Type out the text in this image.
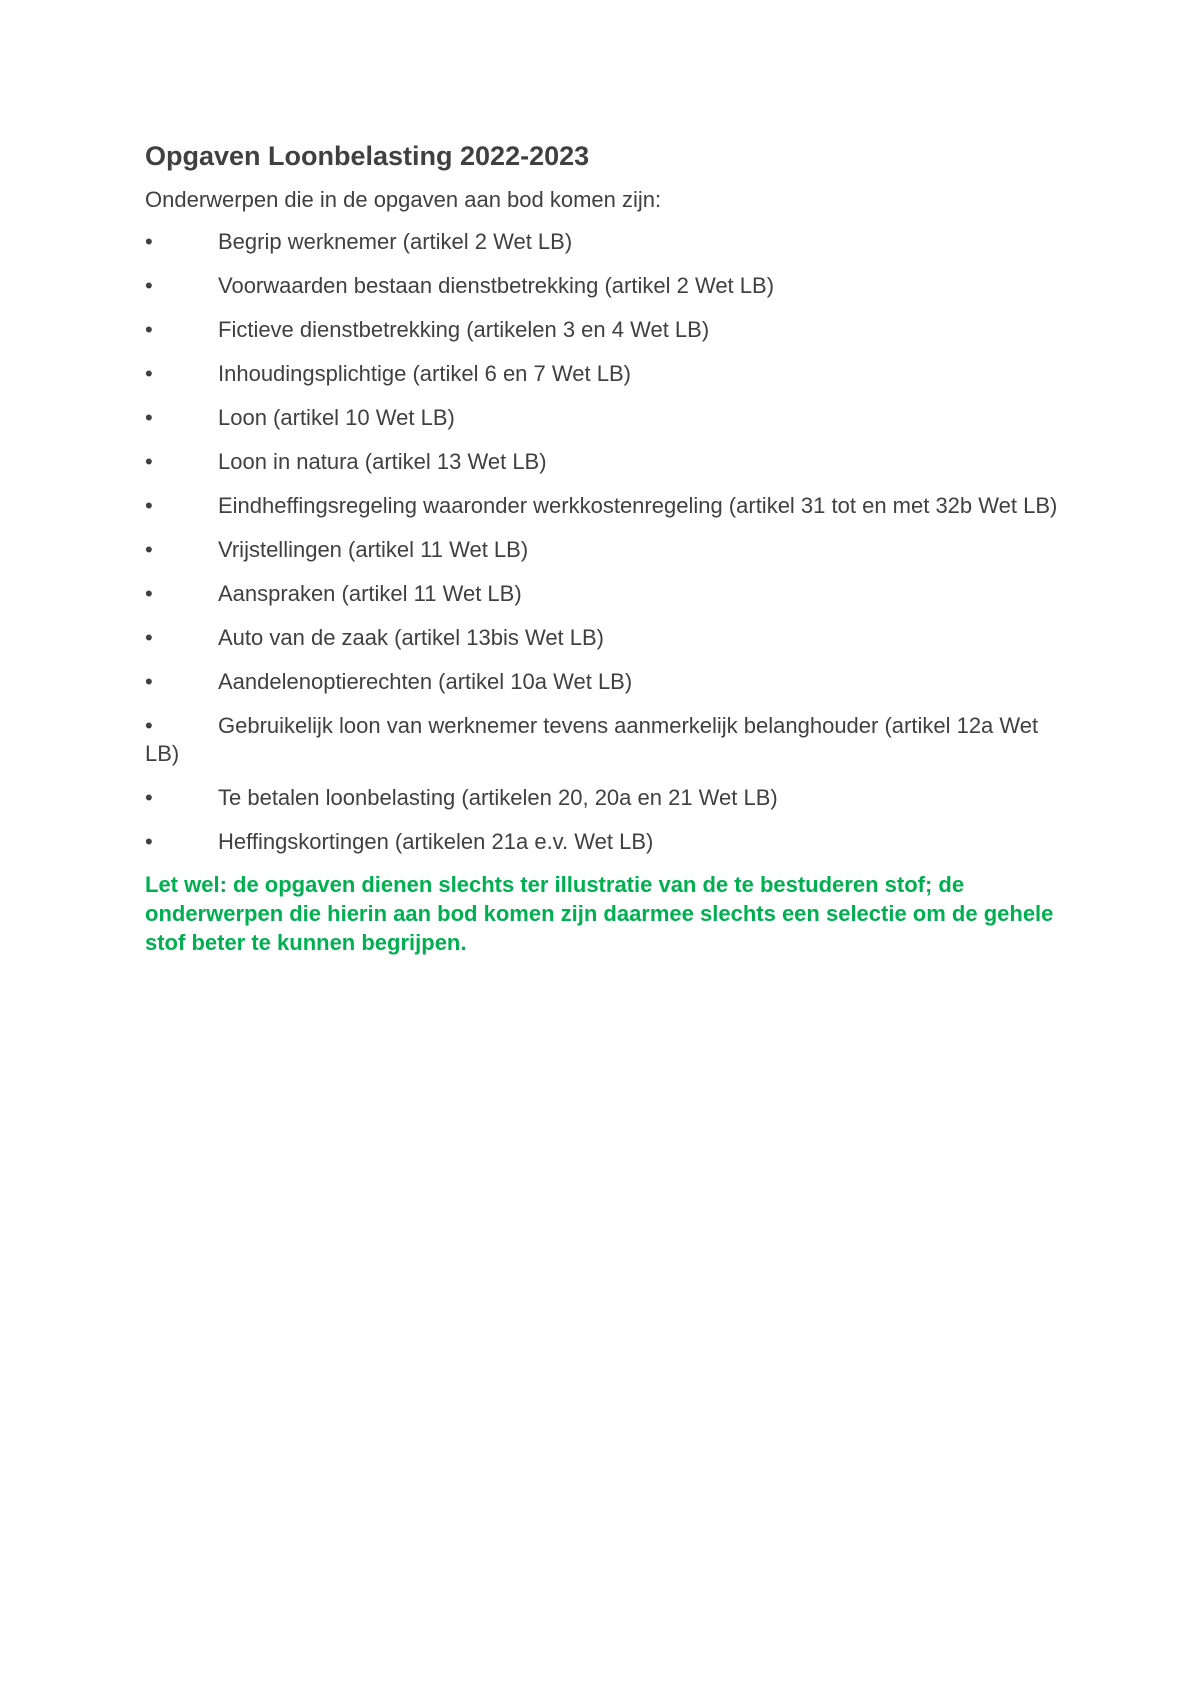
Opgaven Loonbelasting 2022-2023

Onderwerpen die in de opgaven aan bod komen zijn:

•	Begrip werknemer (artikel 2 Wet LB)
•	Voorwaarden bestaan dienstbetrekking (artikel 2 Wet LB)
•	Fictieve dienstbetrekking (artikelen 3 en 4 Wet LB)
•	Inhoudingsplichtige (artikel 6 en 7 Wet LB)
•	Loon (artikel 10 Wet LB)
•	Loon in natura (artikel 13 Wet LB)
•	Eindheffingsregeling waaronder werkkostenregeling (artikel 31 tot en met 32b Wet LB)
•	Vrijstellingen (artikel 11 Wet LB)
•	Aanspraken (artikel 11 Wet LB)
•	Auto van de zaak (artikel 13bis Wet LB)
•	Aandelenoptierechten (artikel 10a Wet LB)
•	Gebruikelijk loon van werknemer tevens aanmerkelijk belanghouder (artikel 12a Wet LB)
•	Te betalen loonbelasting (artikelen 20, 20a en 21 Wet LB)
•	Heffingskortingen (artikelen 21a e.v. Wet LB)

Let wel: de opgaven dienen slechts ter illustratie van de te bestuderen stof; de onderwerpen die hierin aan bod komen zijn daarmee slechts een selectie om de gehele stof beter te kunnen begrijpen.
